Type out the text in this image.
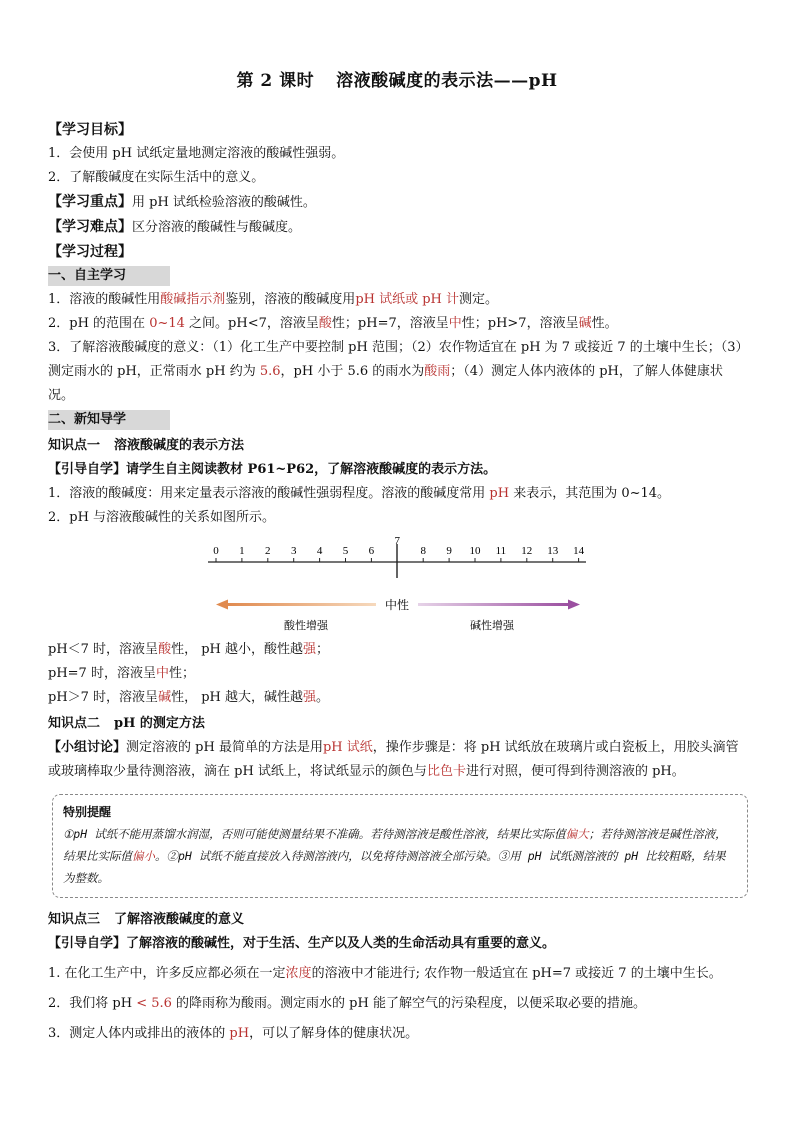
第 2 课时 溶液酸碱度的表示法——pH
【学习目标】
1．会使用 pH 试纸定量地测定溶液的酸碱性强弱。
2．了解酸碱度在实际生活中的意义。
【学习重点】用 pH 试纸检验溶液的酸碱性。
【学习难点】区分溶液的酸碱性与酸碱度。
【学习过程】
一、自主学习
1．溶液的酸碱性用酸碱指示剂鉴别，溶液的酸碱度用pH 试纸或 pH 计测定。
2．pH 的范围在 0~14 之间。pH<7，溶液呈酸性；pH=7，溶液呈中性；pH>7，溶液呈碱性。
3．了解溶液酸碱度的意义：（1）化工生产中要控制 pH 范围；（2）农作物适宜在 pH 为 7 或接近 7 的土壤中生长；（3）测定雨水的 pH，正常雨水 pH 约为 5.6，pH 小于 5.6 的雨水为酸雨；（4）测定人体内液体的 pH，了解人体健康状况。
二、新知导学
知识点一 溶液酸碱度的表示方法
【引导自学】请学生自主阅读教材 P61~P62，了解溶液酸碱度的表示方法。
1．溶液的酸碱度：用来定量表示溶液的酸碱性强弱程度。溶液的酸碱度常用 pH 来表示，其范围为 0~14。
2．pH 与溶液酸碱性的关系如图所示。
0 1 2 3 4 5 6
7
8 9 10 11 12 13 14
中性
酸性增强	碱性增强
pH＜7 时，溶液呈酸性， pH 越小，酸性越强；
pH=7 时，溶液呈中性；
pH＞7 时，溶液呈碱性， pH 越大，碱性越强。
知识点二 pH 的测定方法
【小组讨论】测定溶液的 pH 最简单的方法是用pH 试纸，操作步骤是：将 pH 试纸放在玻璃片或白瓷板上，用胶头滴管或玻璃棒取少量待测溶液，滴在 pH 试纸上，将试纸显示的颜色与比色卡进行对照，便可得到待测溶液的 pH。
特别提醒
①pH 试纸不能用蒸馏水润湿，否则可能使测量结果不准确。若待测溶液是酸性溶液，结果比实际值偏大；若待测溶液是碱性溶液，结果比实际值偏小。②pH 试纸不能直接放入待测溶液内，以免将待测溶液全部污染。③用 pH 试纸测溶液的 pH 比较粗略，结果为整数。
知识点三 了解溶液酸碱度的意义
【引导自学】了解溶液的酸碱性，对于生活、生产以及人类的生命活动具有重要的意义。
1. 在化工生产中，许多反应都必须在一定浓度的溶液中才能进行; 农作物一般适宜在 pH=7 或接近 7 的土壤中生长。
2．我们将 pH < 5.6 的降雨称为酸雨。测定雨水的 pH 能了解空气的污染程度，以便采取必要的措施。
3．测定人体内或排出的液体的 pH，可以了解身体的健康状况。
